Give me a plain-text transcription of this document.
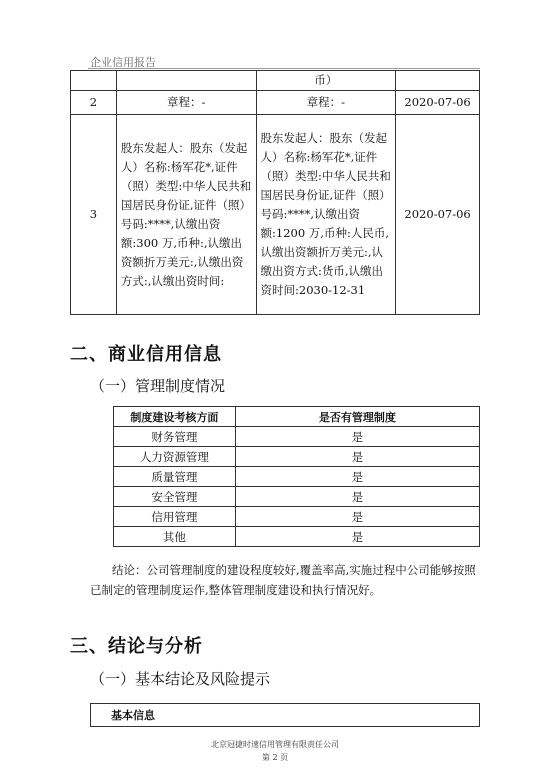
企业信用报告
		币）	
2	章程：-	章程：-	2020-07-06
3	股东发起人：股东（发起人）名称:杨军花*,证件（照）类型:中华人民共和国居民身份证,证件（照）号码:****,认缴出资额:300 万,币种:,认缴出资额折万美元:,认缴出资方式:,认缴出资时间:	股东发起人：股东（发起人）名称:杨军花*,证件（照）类型:中华人民共和国居民身份证,证件（照）号码:****,认缴出资额:1200 万,币种:人民币,认缴出资额折万美元:,认缴出资方式:货币,认缴出资时间:2030-12-31	2020-07-06
二、商业信用信息
（一）管理制度情况
制度建设考核方面	是否有管理制度
财务管理	是
人力资源管理	是
质量管理	是
安全管理	是
信用管理	是
其他	是

结论：公司管理制度的建设程度较好,覆盖率高,实施过程中公司能够按照已制定的管理制度运作,整体管理制度建设和执行情况好。

三、结论与分析
（一）基本结论及风险提示
基本信息
北京冠捷时速信用管理有限责任公司
第 2 页
